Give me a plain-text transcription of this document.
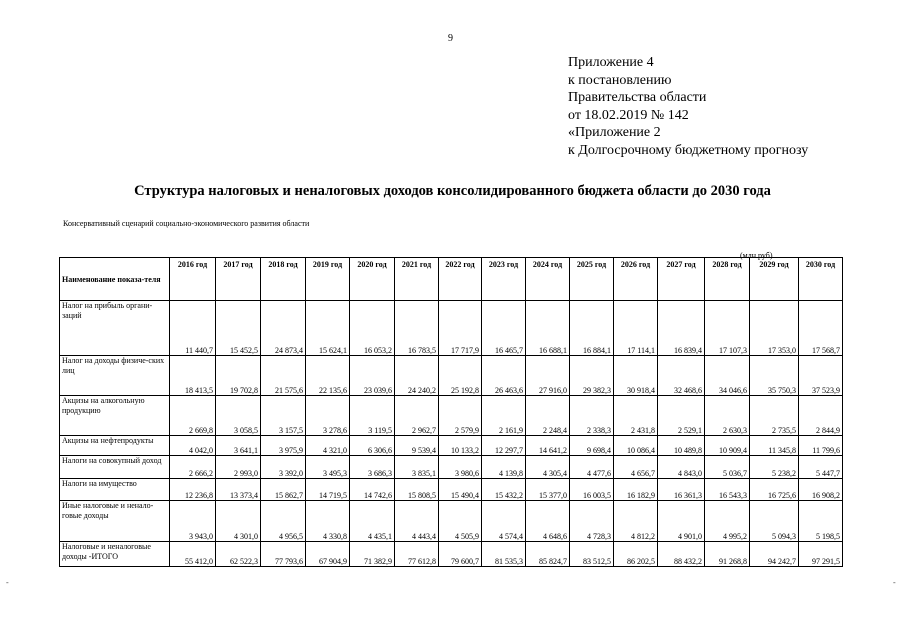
9
Приложение 4
к постановлению
Правительства области
от 18.02.2019 № 142
«Приложение 2
к Долгосрочному бюджетному прогнозу
Структура налоговых и неналоговых доходов консолидированного бюджета области до 2030 года
Консервативный сценарий социально-экономического развития области
(млн.руб)
Наименование показа-теля	2016 год	2017 год	2018 год	2019 год	2020 год	2021 год	2022 год	2023 год	2024 год	2025 год	2026 год	2027 год	2028 год	2029 год	2030 год
Налог на прибыль органи-заций	11 440,7	15 452,5	24 873,4	15 624,1	16 053,2	16 783,5	17 717,9	16 465,7	16 688,1	16 884,1	17 114,1	16 839,4	17 107,3	17 353,0	17 568,7
Налог на доходы физиче-ских лиц	18 413,5	19 702,8	21 575,6	22 135,6	23 039,6	24 240,2	25 192,8	26 463,6	27 916,0	29 382,3	30 918,4	32 468,6	34 046,6	35 750,3	37 523,9
Акцизы на алкогольную продукцию	2 669,8	3 058,5	3 157,5	3 278,6	3 119,5	2 962,7	2 579,9	2 161,9	2 248,4	2 338,3	2 431,8	2 529,1	2 630,3	2 735,5	2 844,9
Акцизы на нефтепродукты	4 042,0	3 641,1	3 975,9	4 321,0	6 306,6	9 539,4	10 133,2	12 297,7	14 641,2	9 698,4	10 086,4	10 489,8	10 909,4	11 345,8	11 799,6
Налоги на совокупный доход	2 666,2	2 993,0	3 392,0	3 495,3	3 686,3	3 835,1	3 980,6	4 139,8	4 305,4	4 477,6	4 656,7	4 843,0	5 036,7	5 238,2	5 447,7
Налоги на имущество	12 236,8	13 373,4	15 862,7	14 719,5	14 742,6	15 808,5	15 490,4	15 432,2	15 377,0	16 003,5	16 182,9	16 361,3	16 543,3	16 725,6	16 908,2
Иные налоговые и ненало-говые доходы	3 943,0	4 301,0	4 956,5	4 330,8	4 435,1	4 443,4	4 505,9	4 574,4	4 648,6	4 728,3	4 812,2	4 901,0	4 995,2	5 094,3	5 198,5
Налоговые и неналоговые доходы -ИТОГО	55 412,0	62 522,3	77 793,6	67 904,9	71 382,9	77 612,8	79 600,7	81 535,3	85 824,7	83 512,5	86 202,5	88 432,2	91 268,8	94 242,7	97 291,5
-	-
